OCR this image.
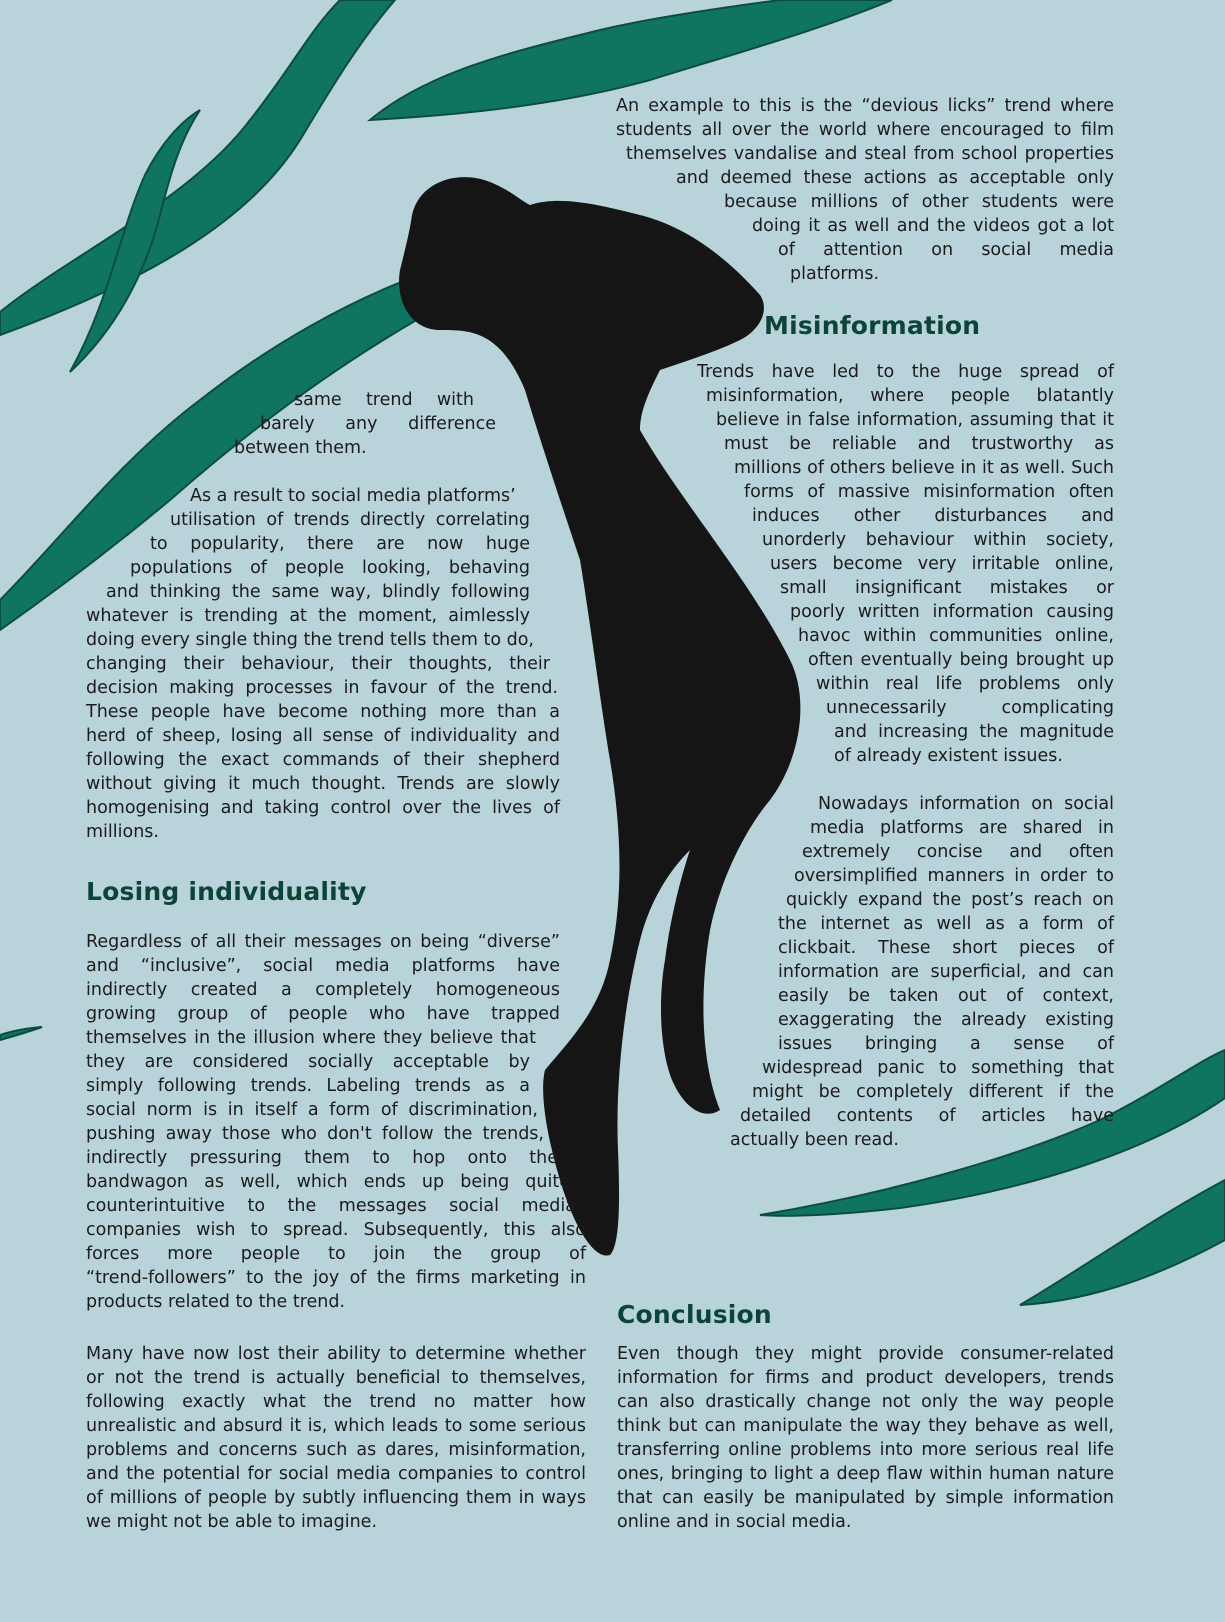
An example to this is the “devious licks” trend where
students all over the world where encouraged to film
themselves vandalise and steal from school properties
and deemed these actions as acceptable only
because millions of other students were
doing it as well and the videos got a lot
of attention on social media
platforms.
Misinformation
Trends have led to the huge spread of
misinformation, where people blatantly
believe in false information, assuming that it
must be reliable and trustworthy as
millions of others believe in it as well. Such
forms of massive misinformation often
induces other disturbances and
unorderly behaviour within society,
users become very irritable online,
small insignificant mistakes or
poorly written information causing
havoc within communities online,
often eventually being brought up
within real life problems only
unnecessarily complicating
and increasing the magnitude
of already existent issues.
Nowadays information on social
media platforms are shared in
extremely concise and often
oversimplified manners in order to
quickly expand the post’s reach on
the internet as well as a form of
clickbait. These short pieces of
information are superficial, and can
easily be taken out of context,
exaggerating the already existing
issues bringing a sense of
widespread panic to something that
might be completely different if the
detailed contents of articles have
actually been read.
same trend with
barely any difference
between them.
As a result to social media platforms’
utilisation of trends directly correlating
to popularity, there are now huge
populations of people looking, behaving
and thinking the same way, blindly following
whatever is trending at the moment, aimlessly
doing every single thing the trend tells them to do,
changing their behaviour, their thoughts, their
decision making processes in favour of the trend.
These people have become nothing more than a
herd of sheep, losing all sense of individuality and
following the exact commands of their shepherd
without giving it much thought. Trends are slowly
homogenising and taking control over the lives of
millions.
Losing individuality
Regardless of all their messages on being “diverse”
and “inclusive”, social media platforms have
indirectly created a completely homogeneous
growing group of people who have trapped
themselves in the illusion where they believe that
they are considered socially acceptable by
simply following trends. Labeling trends as a
social norm is in itself a form of discrimination,
pushing away those who don't follow the trends,
indirectly pressuring them to hop onto the
bandwagon as well, which ends up being quite
counterintuitive to the messages social media
companies wish to spread. Subsequently, this also
forces more people to join the group of
“trend-followers” to the joy of the firms marketing in
products related to the trend.
Many have now lost their ability to determine whether
or not the trend is actually beneficial to themselves,
following exactly what the trend no matter how
unrealistic and absurd it is, which leads to some serious
problems and concerns such as dares, misinformation,
and the potential for social media companies to control
of millions of people by subtly influencing them in ways
we might not be able to imagine.
Conclusion
Even though they might provide consumer-related
information for firms and product developers, trends
can also drastically change not only the way people
think but can manipulate the way they behave as well,
transferring online problems into more serious real life
ones, bringing to light a deep flaw within human nature
that can easily be manipulated by simple information
online and in social media.
